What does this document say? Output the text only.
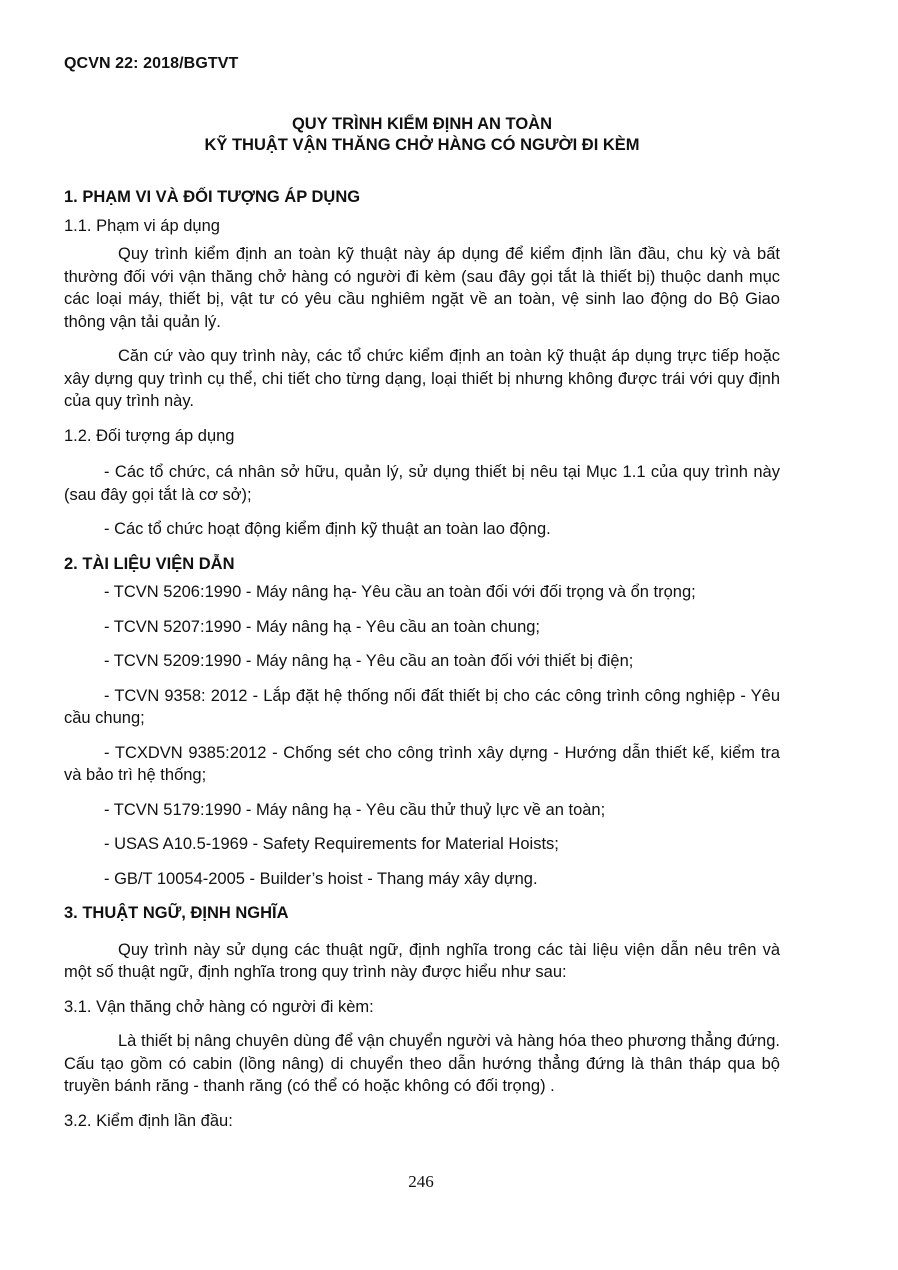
QCVN 22: 2018/BGTVT
QUY TRÌNH KIỂM ĐỊNH AN TOÀN
KỸ THUẬT VẬN THĂNG CHỞ HÀNG CÓ NGƯỜI ĐI KÈM

1. PHẠM VI VÀ ĐỐI TƯỢNG ÁP DỤNG

1.1. Phạm vi áp dụng

Quy trình kiểm định an toàn kỹ thuật này áp dụng để kiểm định lần đầu, chu kỳ và bất thường đối với vận thăng chở hàng có người đi kèm (sau đây gọi tắt là thiết bị) thuộc danh mục các loại máy, thiết bị, vật tư có yêu cầu nghiêm ngặt về an toàn, vệ sinh lao động do Bộ Giao thông vận tải quản lý.

Căn cứ vào quy trình này, các tổ chức kiểm định an toàn kỹ thuật áp dụng trực tiếp hoặc xây dựng quy trình cụ thể, chi tiết cho từng dạng, loại thiết bị nhưng không được trái với quy định của quy trình này.

1.2. Đối tượng áp dụng

- Các tổ chức, cá nhân sở hữu, quản lý, sử dụng thiết bị nêu tại Mục 1.1 của quy trình này (sau đây gọi tắt là cơ sở);

- Các tổ chức hoạt động kiểm định kỹ thuật an toàn lao động.

2. TÀI LIỆU VIỆN DẪN

- TCVN 5206:1990 - Máy nâng hạ- Yêu cầu an toàn đối với đối trọng và ổn trọng;

- TCVN 5207:1990 - Máy nâng hạ - Yêu cầu an toàn chung;

- TCVN 5209:1990 - Máy nâng hạ - Yêu cầu an toàn đối với thiết bị điện;

- TCVN 9358: 2012 - Lắp đặt hệ thống nối đất thiết bị cho các công trình công nghiệp - Yêu cầu chung;

- TCXDVN 9385:2012 - Chống sét cho công trình xây dựng - Hướng dẫn thiết kế, kiểm tra và bảo trì hệ thống;

- TCVN 5179:1990 - Máy nâng hạ - Yêu cầu thử thuỷ lực về an toàn;

- USAS A10.5-1969 - Safety Requirements for Material Hoists;

- GB/T 10054-2005 - Builder’s hoist - Thang máy xây dựng.

3. THUẬT NGỮ, ĐỊNH NGHĨA

Quy trình này sử dụng các thuật ngữ, định nghĩa trong các tài liệu viện dẫn nêu trên và một số thuật ngữ, định nghĩa trong quy trình này được hiểu như sau:

3.1. Vận thăng chở hàng có người đi kèm:

Là thiết bị nâng chuyên dùng để vận chuyển người và hàng hóa theo phương thẳng đứng. Cấu tạo gồm có cabin (lồng nâng) di chuyển theo dẫn hướng thẳng đứng là thân tháp qua bộ truyền bánh răng - thanh răng (có thể có hoặc không có đối trọng) .

3.2. Kiểm định lần đầu:

246
